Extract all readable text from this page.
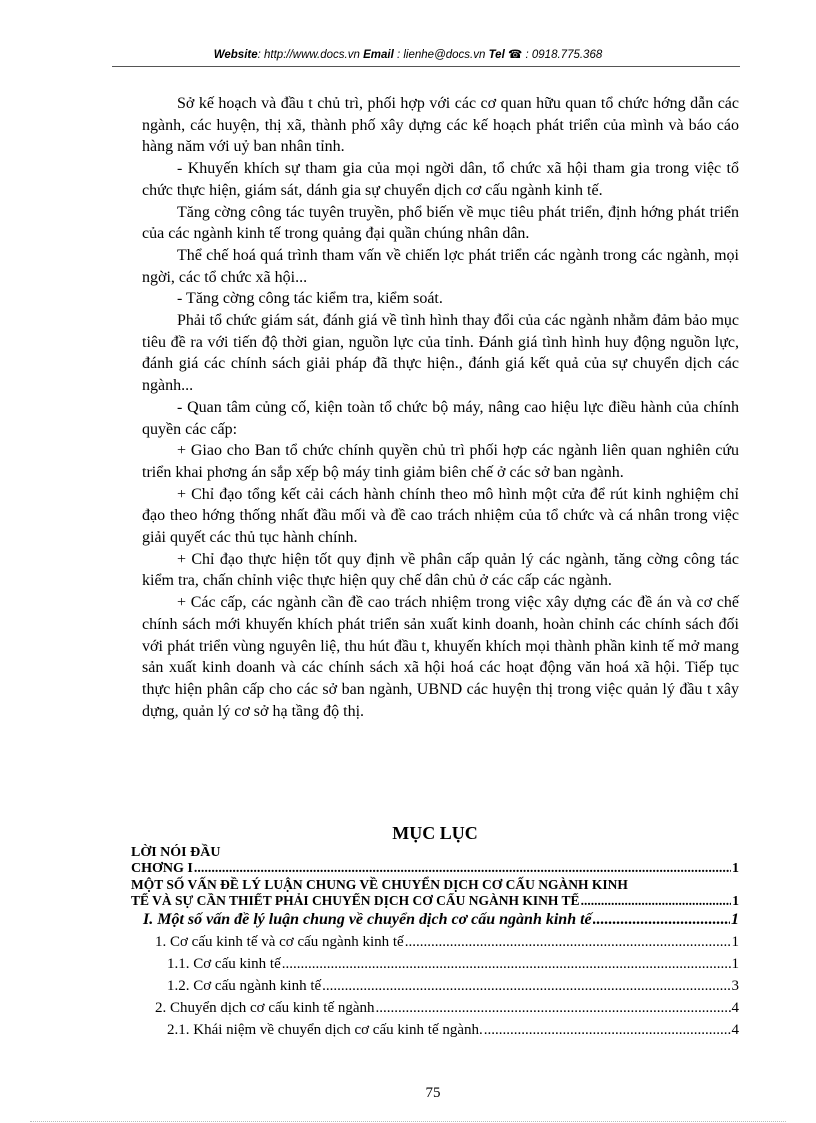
Website: http://www.docs.vn Email : lienhe@docs.vn Tel ☎ : 0918.775.368

Sở kế hoạch và đầu t chủ trì, phối hợp với các cơ quan hữu quan tổ chức hớng dẫn các ngành, các huyện, thị xã, thành phố xây dựng các kế hoạch phát triển của mình và báo cáo hàng năm với uỷ ban nhân tỉnh.

- Khuyến khích sự tham gia của mọi ngời dân, tổ chức xã hội tham gia trong việc tổ chức thực hiện, giám sát, dánh gia sự chuyển dịch cơ cấu ngành kinh tế.

Tăng cờng công tác tuyên truyền, phổ biến về mục tiêu phát triển, định hớng phát triển của các ngành kinh tế trong quảng đại quần chúng nhân dân.

Thể chế hoá quá trình tham vấn về chiến lợc phát triển các ngành trong các ngành, mọi ngời, các tổ chức xã hội...

- Tăng cờng công tác kiểm tra, kiểm soát.

Phải tổ chức giám sát, đánh giá về tình hình thay đổi của các ngành nhằm đảm bảo mục tiêu đề ra với tiến độ thời gian, nguồn lực của tỉnh. Đánh giá tình hình huy động nguồn lực, đánh giá các chính sách giải pháp đã thực hiện., đánh giá kết quả của sự chuyển dịch các ngành...

- Quan tâm củng cố, kiện toàn tổ chức bộ máy, nâng cao hiệu lực điều hành của chính quyền các cấp:

+ Giao cho Ban tổ chức chính quyền chủ trì phối hợp các ngành liên quan nghiên cứu triển khai phơng án sắp xếp bộ máy tinh giảm biên chế ở các sở ban ngành.

+ Chỉ đạo tổng kết cải cách hành chính theo mô hình một cửa để rút kinh nghiệm chỉ đạo theo hớng thống nhất đầu mối và đề cao trách nhiệm của tổ chức và cá nhân trong việc giải quyết các thủ tục hành chính.

+ Chỉ đạo thực hiện tốt quy định về phân cấp quản lý các ngành, tăng cờng công tác kiểm tra, chấn chỉnh việc thực hiện quy chế dân chủ ở các cấp các ngành.

+ Các cấp, các ngành cần đề cao trách nhiệm trong việc xây dựng các đề án và cơ chế chính sách mới khuyến khích phát triển sản xuất kinh doanh, hoàn chỉnh các chính sách đối với phát triển vùng nguyên liệ, thu hút đầu t, khuyến khích mọi thành phần kinh tế mở mang sản xuất kinh doanh và các chính sách xã hội hoá các hoạt động văn hoá xã hội. Tiếp tục thực hiện phân cấp cho các sở ban ngành, UBND các huyện thị trong việc quản lý đầu t xây dựng, quản lý cơ sở hạ tầng độ thị.

MỤC LỤC
LỜI NÓI ĐẦU
CHƠNG I .....	1
MỘT SỐ VẤN ĐỀ LÝ LUẬN CHUNG VỀ CHUYỂN DỊCH CƠ CẤU NGÀNH KINH
TẾ VÀ SỰ CẦN THIẾT PHẢI CHUYỂN DỊCH CƠ CẤU NGÀNH KINH TẾ .....	1
I. Một số vấn đề lý luận chung về chuyển dịch cơ cấu ngành kinh tế .....	1
1. Cơ cấu kinh tế và cơ cấu ngành kinh tế .....	1
1.1. Cơ cấu kinh tế .....	1
1.2. Cơ cấu ngành kinh tế .....	3
2. Chuyển dịch cơ cấu kinh tế ngành .....	4
2.1. Khái niệm về chuyển dịch cơ cấu kinh tế ngành. .....	4
75
